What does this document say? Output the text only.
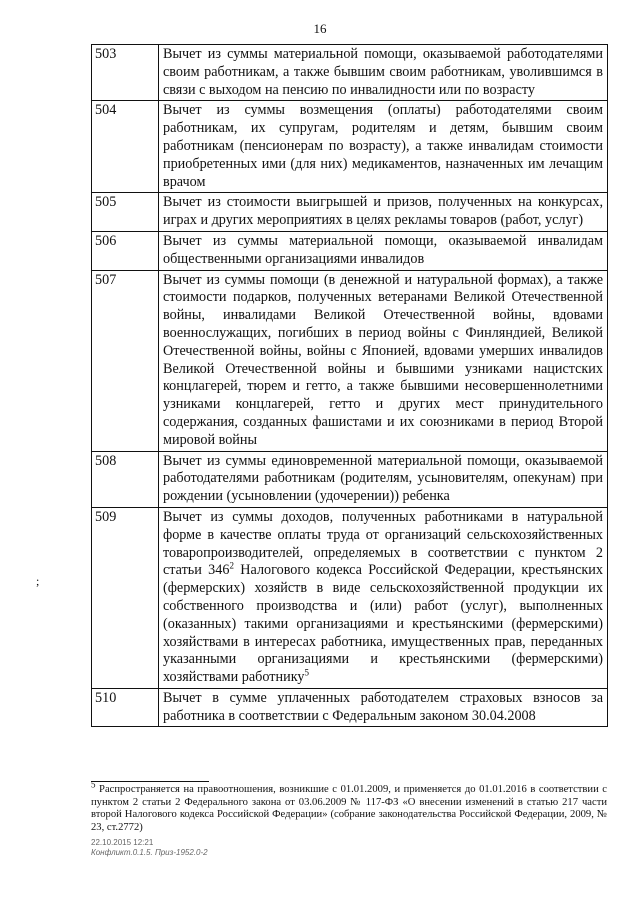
16
503	Вычет из суммы материальной помощи, оказываемой работодателями своим работникам, а также бывшим своим работникам, уволившимся в связи с выходом на пенсию по инвалидности или по возрасту
504	Вычет из суммы возмещения (оплаты) работодателями своим работникам, их супругам, родителям и детям, бывшим своим работникам (пенсионерам по возрасту), а также инвалидам стоимости приобретенных ими (для них) медикаментов, назначенных им лечащим врачом
505	Вычет из стоимости выигрышей и призов, полученных на конкурсах, играх и других мероприятиях в целях рекламы товаров (работ, услуг)
506	Вычет из суммы материальной помощи, оказываемой инвалидам общественными организациями инвалидов
507	Вычет из суммы помощи (в денежной и натуральной формах), а также стоимости подарков, полученных ветеранами Великой Отечественной войны, инвалидами Великой Отечественной войны, вдовами военнослужащих, погибших в период войны с Финляндией, Великой Отечественной войны, войны с Японией, вдовами умерших инвалидов Великой Отечественной войны и бывшими узниками нацистских концлагерей, тюрем и гетто, а также бывшими несовершеннолетними узниками концлагерей, гетто и других мест принудительного содержания, созданных фашистами и их союзниками в период Второй мировой войны
508	Вычет из суммы единовременной материальной помощи, оказываемой работодателями работникам (родителям, усыновителям, опекунам) при рождении (усыновлении (удочерении)) ребенка
509	Вычет из суммы доходов, полученных работниками в натуральной форме в качестве оплаты труда от организаций сельскохозяйственных товаропроизводителей, определяемых в соответствии с пунктом 2 статьи $346^2$ Налогового кодекса Российской Федерации, крестьянских (фермерских) хозяйств в виде сельскохозяйственной продукции их собственного производства и (или) работ (услуг), выполненных (оказанных) такими организациями и крестьянскими (фермерскими) хозяйствами в интересах работника, имущественных прав, переданных указанными организациями и крестьянскими (фермерскими) хозяйствами работнику$^5$
510	Вычет в сумме уплаченных работодателем страховых взносов за работника в соответствии с Федеральным законом 30.04.2008
;
$^5$ Распространяется на правоотношения, возникшие с 01.01.2009, и применяется до 01.01.2016 в соответствии с пунктом 2 статьи 2 Федерального закона от 03.06.2009 № 117-ФЗ «О внесении изменений в статью 217 части второй Налогового кодекса Российской Федерации» (собрание законодательства Российской Федерации, 2009, № 23, ст.2772)
22.10.2015 12:21
Конфликт.0.1.5. Приз-1952.0-2
